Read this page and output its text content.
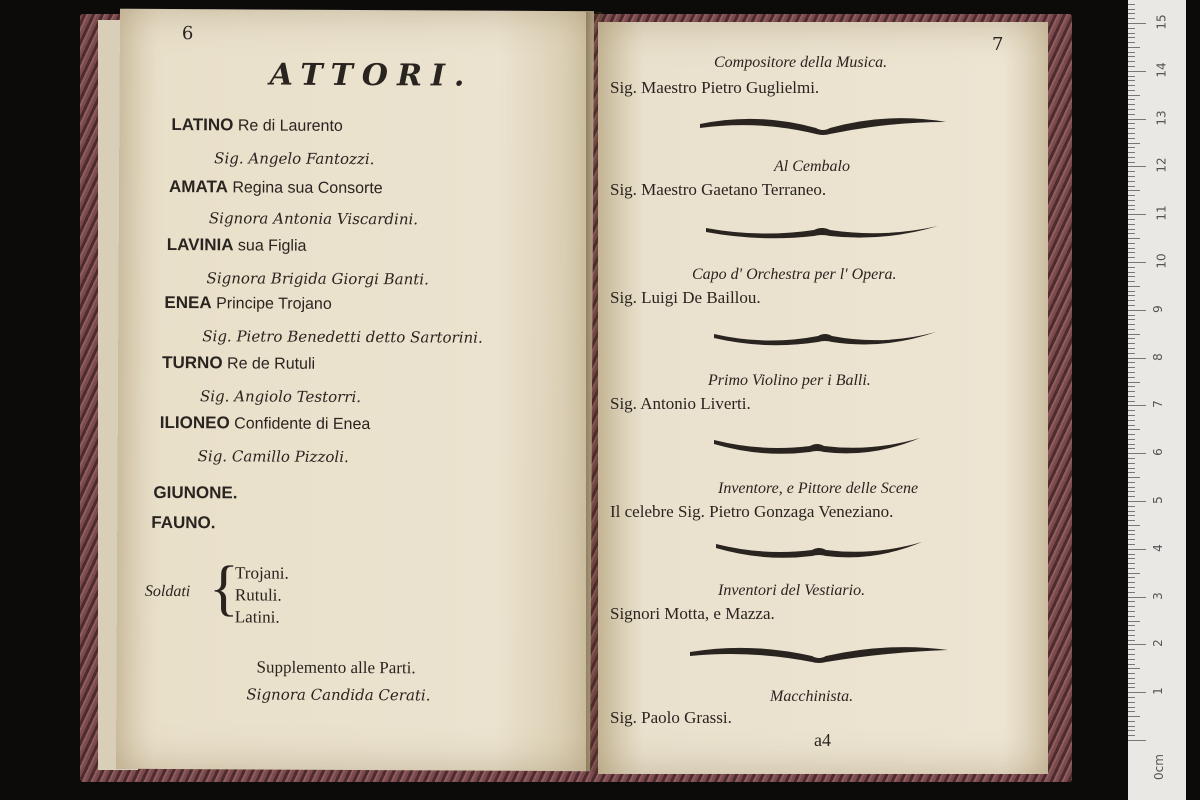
6
ATTORI.
LATINO Re di Laurento
Sig. Angelo Fantozzi.
AMATA Regina sua Consorte
Signora Antonia Viscardini.
LAVINIA sua Figlia
Signora Brigida Giorgi Banti.
ENEA Principe Trojano
Sig. Pietro Benedetti detto Sartorini.
TURNO Re de Rutuli
Sig. Angiolo Testorri.
ILIONEO Confidente di Enea
Sig. Camillo Pizzoli.
GIUNONE.
FAUNO.
Soldati {
Trojani.
Rutuli.
Latini.
Supplemento alle Parti.
Signora Candida Cerati.
7
Compositore della Musica.
Sig. Maestro Pietro Guglielmi.
Al Cembalo
Sig. Maestro Gaetano Terraneo.
Capo d' Orchestra per l' Opera.
Sig. Luigi De Baillou.
Primo Violino per i Balli.
Sig. Antonio Liverti.
Inventore, e Pittore delle Scene
Il celebre Sig. Pietro Gonzaga Veneziano.
Inventori del Vestiario.
Signori Motta, e Mazza.
Macchinista.
Sig. Paolo Grassi.
a4
0cm
1
2
3
4
5
6
7
8
9
10
11
12
13
14
15
